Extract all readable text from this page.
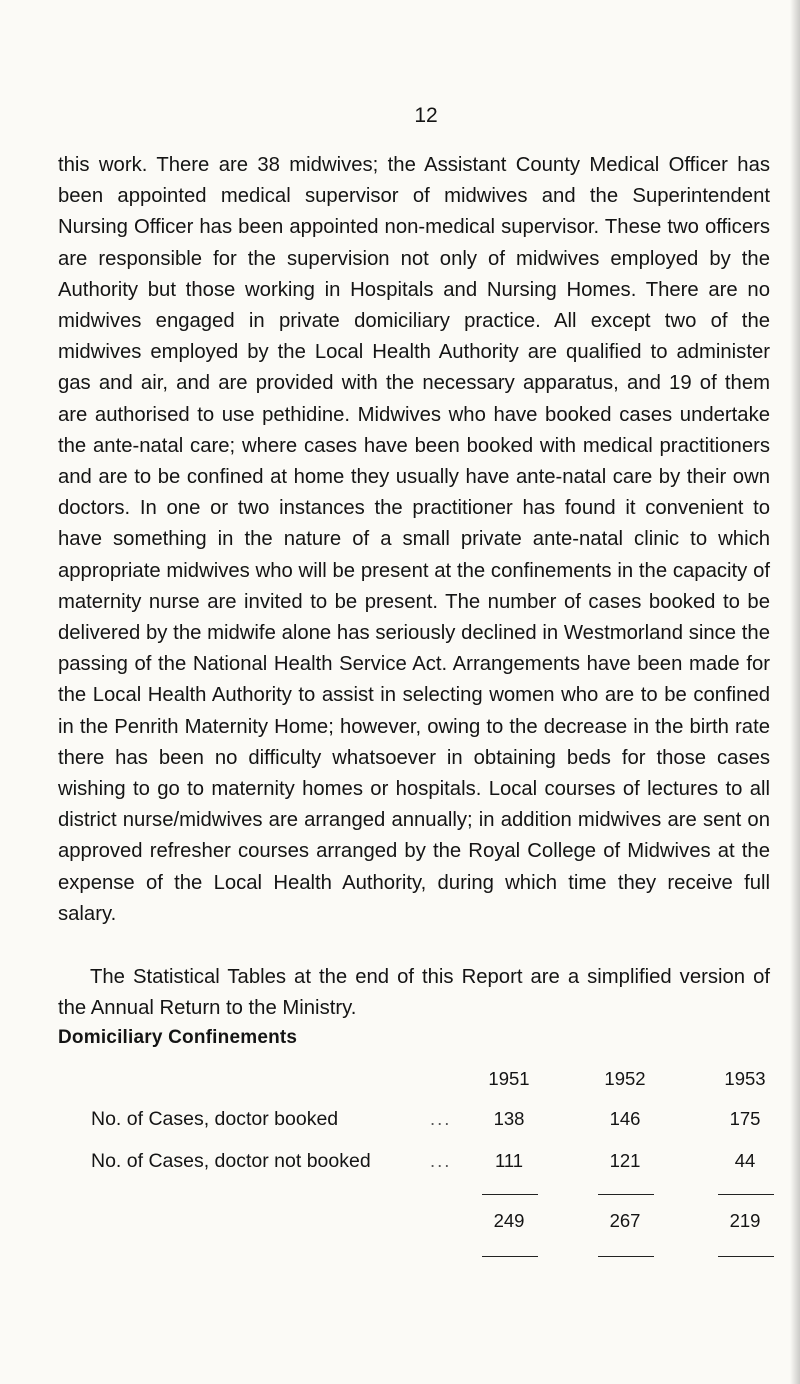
12

this work. There are 38 midwives; the Assistant County Medical Officer has been appointed medical supervisor of midwives and the Superintendent Nursing Officer has been appointed non-medical supervisor. These two officers are responsible for the supervision not only of midwives employed by the Authority but those working in Hospitals and Nursing Homes. There are no midwives engaged in private domiciliary practice. All except two of the midwives employed by the Local Health Authority are qualified to administer gas and air, and are provided with the necessary apparatus, and 19 of them are authorised to use pethidine. Midwives who have booked cases undertake the ante-natal care; where cases have been booked with medical practitioners and are to be confined at home they usually have ante-natal care by their own doctors. In one or two instances the practitioner has found it convenient to have something in the nature of a small private ante-natal clinic to which appropriate midwives who will be present at the confinements in the capacity of maternity nurse are invited to be present. The number of cases booked to be delivered by the midwife alone has seriously declined in Westmorland since the passing of the National Health Service Act. Arrangements have been made for the Local Health Authority to assist in selecting women who are to be confined in the Penrith Maternity Home; however, owing to the decrease in the birth rate there has been no difficulty whatsoever in obtaining beds for those cases wishing to go to maternity homes or hospitals. Local courses of lectures to all district nurse/midwives are arranged annually; in addition midwives are sent on approved refresher courses arranged by the Royal College of Midwives at the expense of the Local Health Authority, during which time they receive full salary.

The Statistical Tables at the end of this Report are a simplified version of the Annual Return to the Ministry.

Domiciliary Confinements
1951	1952	1953
No. of Cases, doctor booked	...	138	146	175
No. of Cases, doctor not booked	...	111	121	44
249	267	219
